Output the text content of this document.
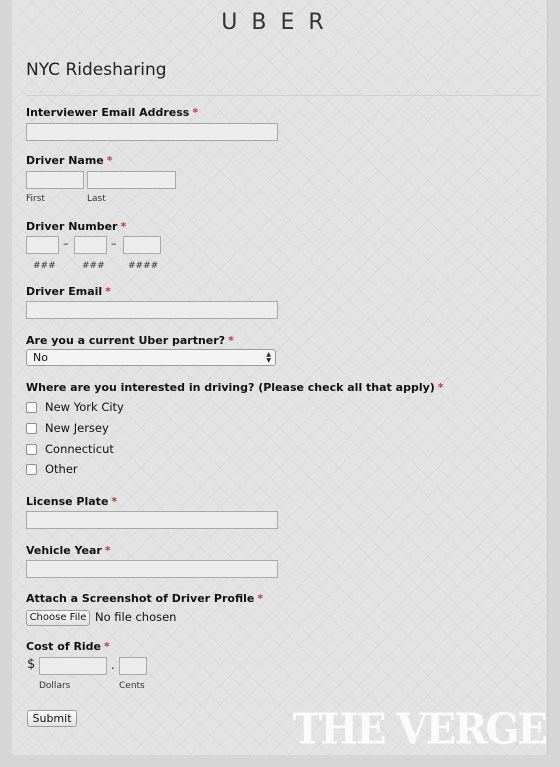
UBER
NYC Ridesharing
Interviewer Email Address *
Driver Name *
First	Last
Driver Number *
–	–
###	###	####
Driver Email *
Are you a current Uber partner? *
No	▲
▼
Where are you interested in driving? (Please check all that apply) *
New York City
New Jersey
Connecticut
Other
License Plate *
Vehicle Year *
Attach a Screenshot of Driver Profile *
Choose File No file chosen
Cost of Ride *
$	.
Dollars	Cents
Submit	THE VERGE
